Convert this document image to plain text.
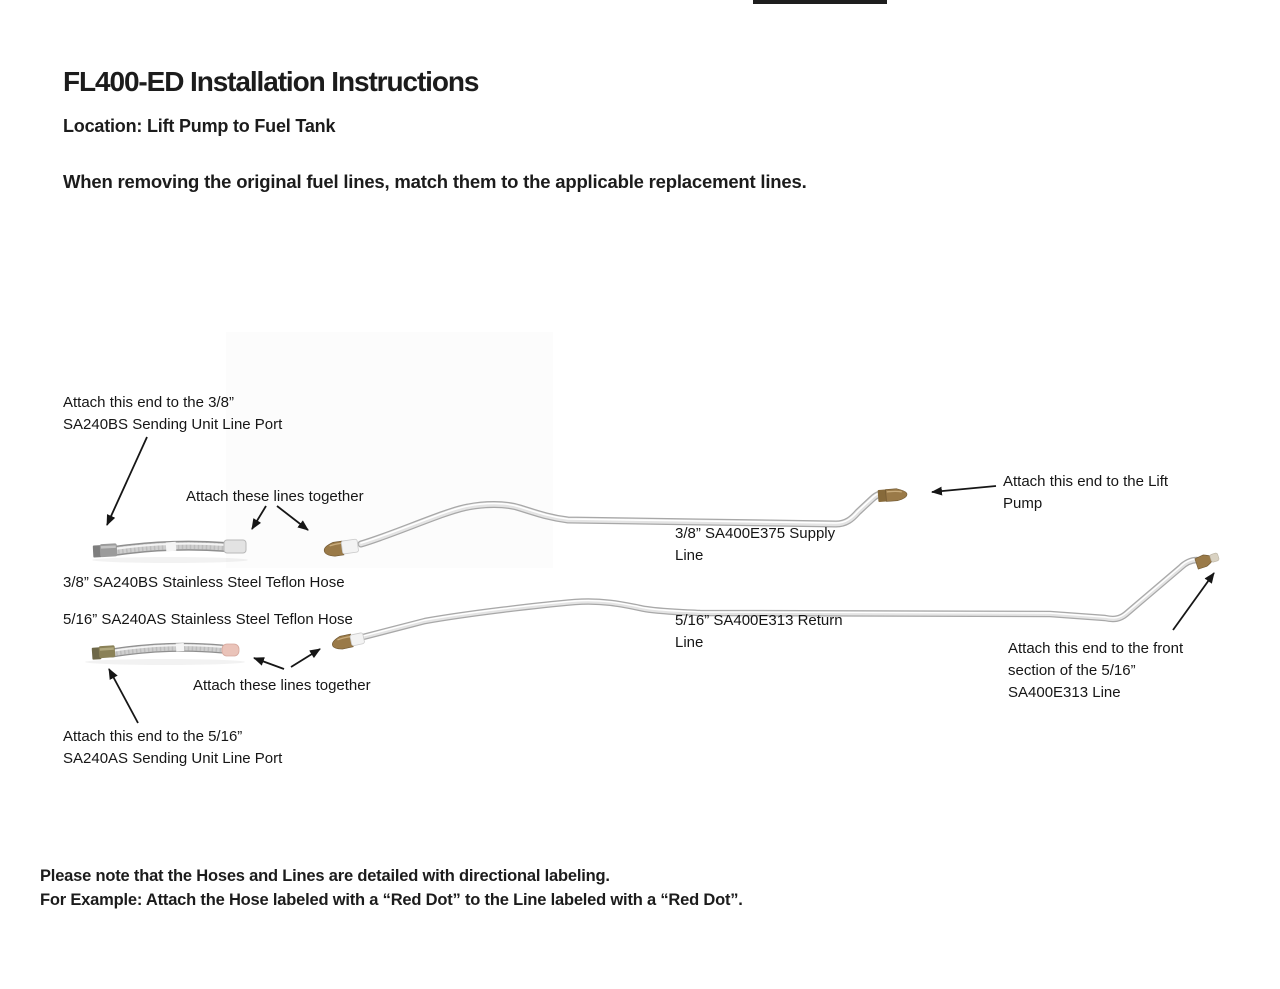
FL400-ED Installation Instructions
Location: Lift Pump to Fuel Tank
When removing the original fuel lines, match them to the applicable replacement lines.
Attach this end to the 3/8”
SA240BS Sending Unit Line Port
Attach these lines together
3/8” SA240BS Stainless Steel Teflon Hose
5/16” SA240AS Stainless Steel Teflon Hose
3/8” SA400E375 Supply
Line
5/16” SA400E313 Return
Line
Attach this end to the Lift
Pump
Attach these lines together
Attach this end to the 5/16”
SA240AS Sending Unit Line Port
Attach this end to the front
section of the 5/16”
SA400E313 Line
Please note that the Hoses and Lines are detailed with directional labeling.
For Example: Attach the Hose labeled with a “Red Dot” to the Line labeled with a “Red Dot”.
